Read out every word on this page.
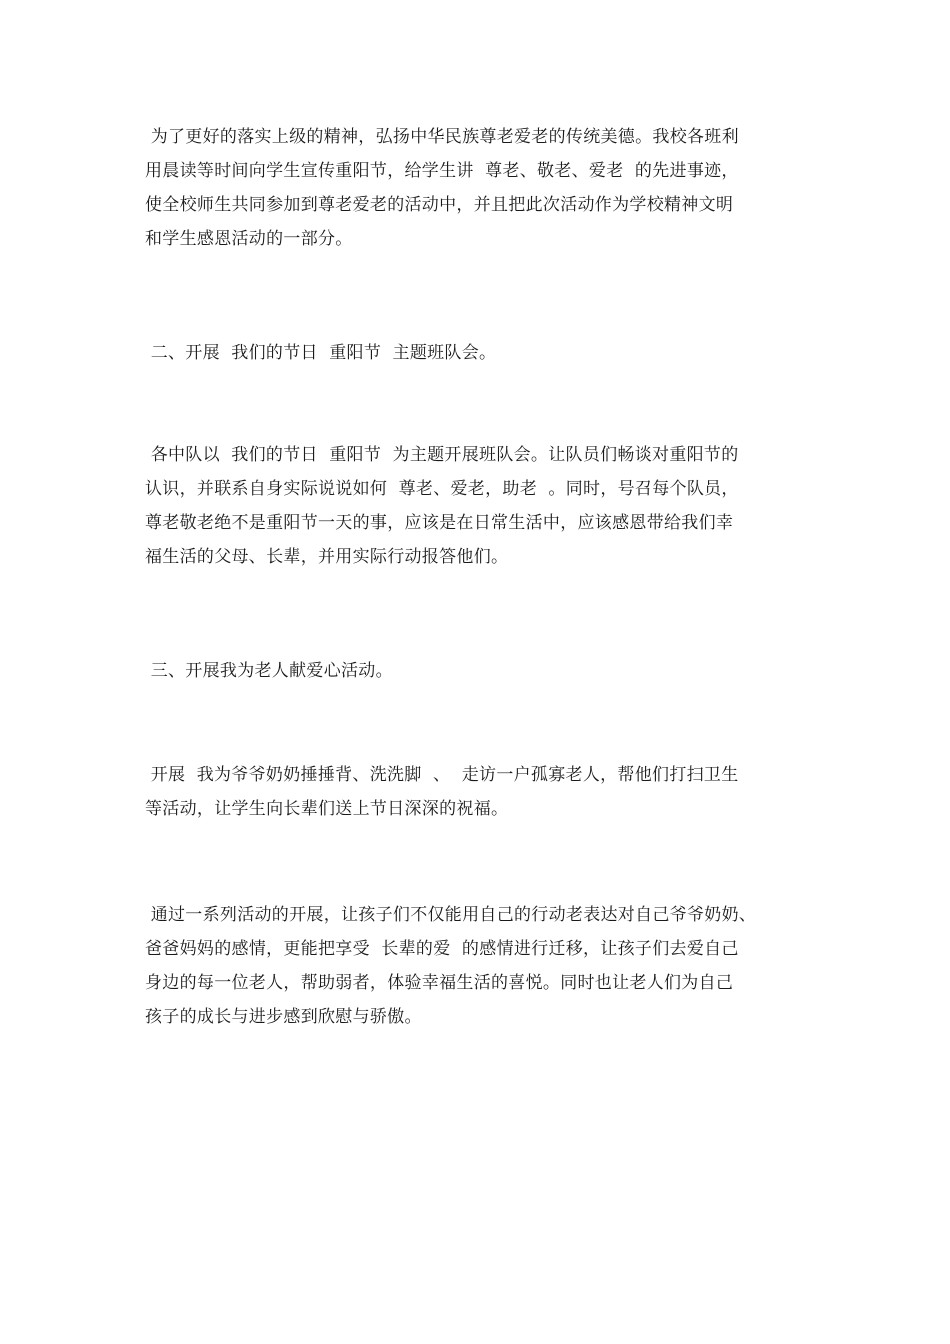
为了更好的落实上级的精神，弘扬中华民族尊老爱老的传统美德。我校各班利
用晨读等时间向学生宣传重阳节，给学生讲  尊老、敬老、爱老  的先进事迹，
使全校师生共同参加到尊老爱老的活动中，并且把此次活动作为学校精神文明
和学生感恩活动的一部分。
二、开展  我们的节日  重阳节  主题班队会。
各中队以  我们的节日  重阳节  为主题开展班队会。让队员们畅谈对重阳节的
认识，并联系自身实际说说如何  尊老、爱老，助老  。同时，号召每个队员，
尊老敬老绝不是重阳节一天的事，应该是在日常生活中，应该感恩带给我们幸
福生活的父母、长辈，并用实际行动报答他们。
三、开展我为老人献爱心活动。
开展  我为爷爷奶奶捶捶背、洗洗脚  、  走访一户孤寡老人，帮他们打扫卫生
等活动，让学生向长辈们送上节日深深的祝福。
通过一系列活动的开展，让孩子们不仅能用自己的行动老表达对自己爷爷奶奶、
爸爸妈妈的感情，更能把享受  长辈的爱  的感情进行迁移，让孩子们去爱自己
身边的每一位老人，帮助弱者，体验幸福生活的喜悦。同时也让老人们为自己
孩子的成长与进步感到欣慰与骄傲。
